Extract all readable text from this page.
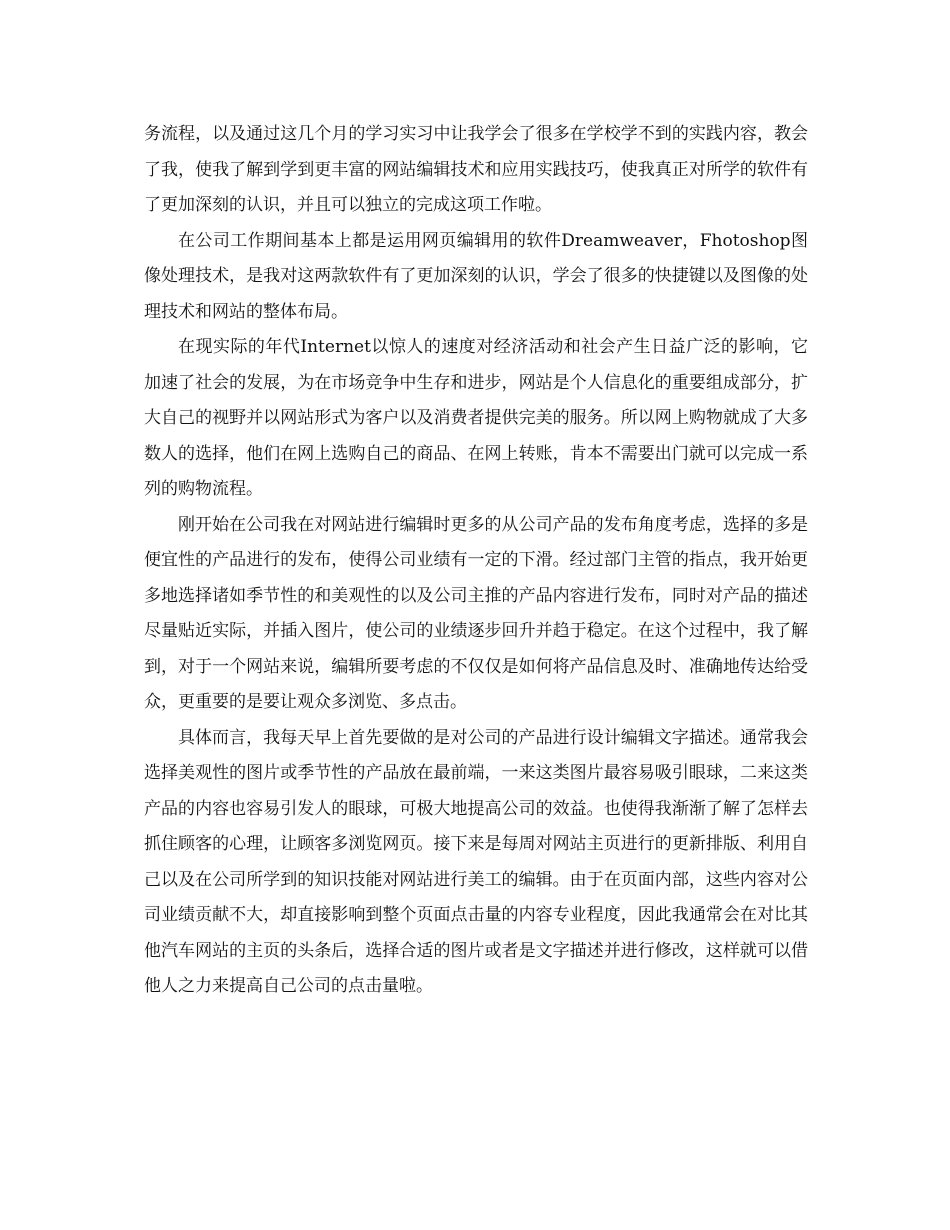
务流程，以及通过这几个月的学习实习中让我学会了很多在学校学不到的实践内容，教会了我，使我了解到学到更丰富的网站编辑技术和应用实践技巧，使我真正对所学的软件有了更加深刻的认识，并且可以独立的完成这项工作啦。

在公司工作期间基本上都是运用网页编辑用的软件Dreamweaver，Fhotoshop图像处理技术，是我对这两款软件有了更加深刻的认识，学会了很多的快捷键以及图像的处理技术和网站的整体布局。

在现实际的年代Internet以惊人的速度对经济活动和社会产生日益广泛的影响，它加速了社会的发展，为在市场竞争中生存和进步，网站是个人信息化的重要组成部分，扩大自己的视野并以网站形式为客户以及消费者提供完美的服务。所以网上购物就成了大多数人的选择，他们在网上选购自己的商品、在网上转账，肯本不需要出门就可以完成一系列的购物流程。

刚开始在公司我在对网站进行编辑时更多的从公司产品的发布角度考虑，选择的多是便宜性的产品进行的发布，使得公司业绩有一定的下滑。经过部门主管的指点，我开始更多地选择诸如季节性的和美观性的以及公司主推的产品内容进行发布，同时对产品的描述尽量贴近实际，并插入图片，使公司的业绩逐步回升并趋于稳定。在这个过程中，我了解到，对于一个网站来说，编辑所要考虑的不仅仅是如何将产品信息及时、准确地传达给受众，更重要的是要让观众多浏览、多点击。

具体而言，我每天早上首先要做的是对公司的产品进行设计编辑文字描述。通常我会选择美观性的图片或季节性的产品放在最前端，一来这类图片最容易吸引眼球，二来这类产品的内容也容易引发人的眼球，可极大地提高公司的效益。也使得我渐渐了解了怎样去抓住顾客的心理，让顾客多浏览网页。接下来是每周对网站主页进行的更新排版、利用自己以及在公司所学到的知识技能对网站进行美工的编辑。由于在页面内部，这些内容对公司业绩贡献不大，却直接影响到整个页面点击量的内容专业程度，因此我通常会在对比其他汽车网站的主页的头条后，选择合适的图片或者是文字描述并进行修改，这样就可以借他人之力来提高自己公司的点击量啦。
